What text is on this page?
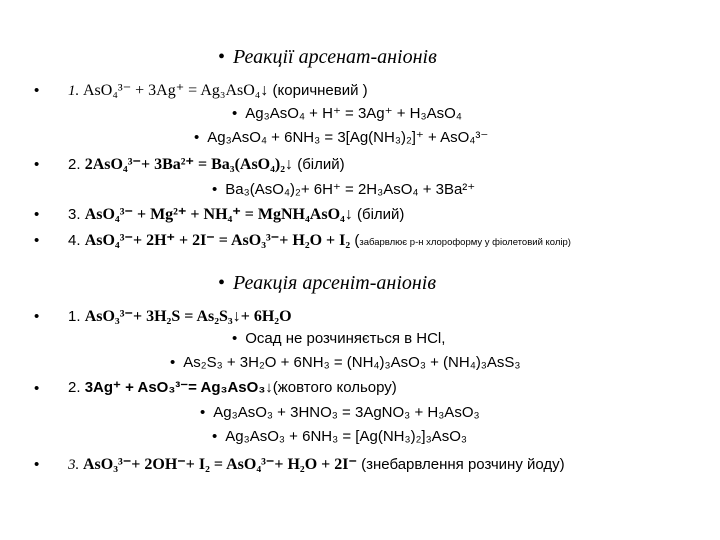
• Реакції арсенат-аніонів
• 1. AsO₄³⁻ + 3Ag⁺ = Ag₃AsO₄↓ (коричневий )
• Ag₃AsO₄ + H⁺ = 3Ag⁺ + H₃AsO₄
• Ag₃AsO₄ + 6NH₃ = 3[Ag(NH₃)₂]⁺ + AsO₄³⁻
• 2. 2AsO₄³⁻+ 3Ba²⁺ = Ba₃(AsO₄)₂↓ (білий)
• Ba₃(AsO₄)₂+ 6H⁺ = 2H₃AsO₄ + 3Ba²⁺
• 3. AsO₄³⁻ + Mg²⁺ + NH₄⁺ = MgNH₄AsO₄↓ (білий)
• 4. AsO₄³⁻+ 2H⁺ + 2I⁻ = AsO₃³⁻+ H₂O + I₂ (забарвлює р-н хлороформу у фіолетовий колір)
• Реакція арсеніт-аніонів
• 1. AsO₃³⁻+ 3H₂S = As₂S₃↓+ 6H₂O
• Осад не розчиняється в HCl,
• As₂S₃ + 3H₂O + 6NH₃ = (NH₄)₃AsO₃ + (NH₄)₃AsS₃
• 2. 3Ag⁺ + AsO₃³⁻= Ag₃AsO₃↓(жовтого кольору)
• Ag₃AsO₃ + 3HNO₃ = 3AgNO₃ + H₃AsO₃
• Ag₃AsO₃ + 6NH₃ = [Ag(NH₃)₂]₃AsO₃
• 3. AsO₃³⁻+ 2OH⁻+ I₂ = AsO₄³⁻+ H₂O + 2I⁻ (знебарвлення розчину йоду)
